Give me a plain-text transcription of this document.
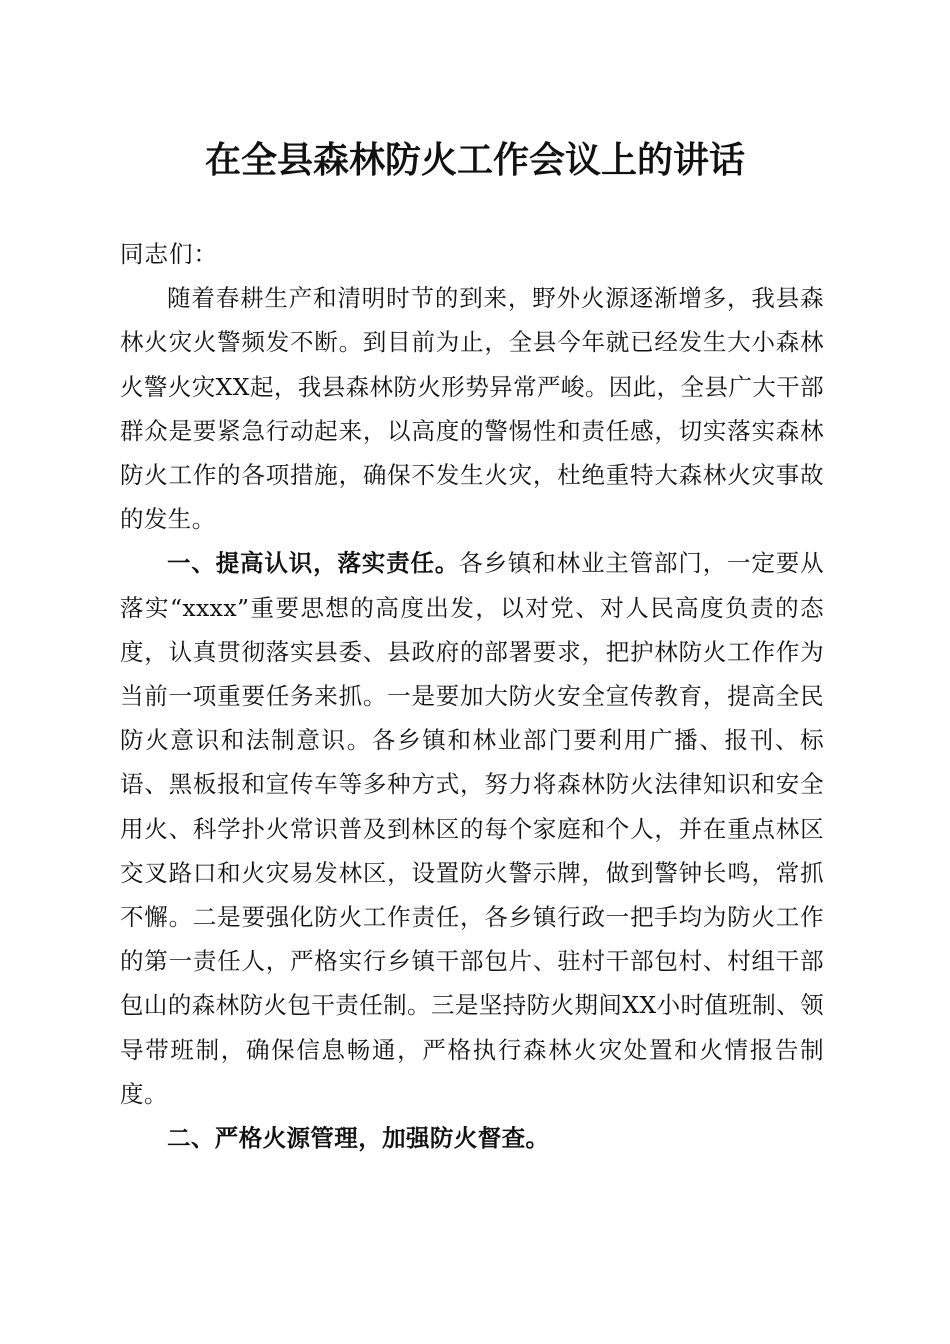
在全县森林防火工作会议上的讲话

同志们：

随着春耕生产和清明时节的到来，野外火源逐渐增多，我县森林火灾火警频发不断。到目前为止，全县今年就已经发生大小森林火警火灾XX起，我县森林防火形势异常严峻。因此，全县广大干部群众是要紧急行动起来，以高度的警惕性和责任感，切实落实森林防火工作的各项措施，确保不发生火灾，杜绝重特大森林火灾事故的发生。

一、提高认识，落实责任。各乡镇和林业主管部门，一定要从落实“xxxx”重要思想的高度出发，以对党、对人民高度负责的态度，认真贯彻落实县委、县政府的部署要求，把护林防火工作作为当前一项重要任务来抓。一是要加大防火安全宣传教育，提高全民防火意识和法制意识。各乡镇和林业部门要利用广播、报刊、标语、黑板报和宣传车等多种方式，努力将森林防火法律知识和安全用火、科学扑火常识普及到林区的每个家庭和个人，并在重点林区交叉路口和火灾易发林区，设置防火警示牌，做到警钟长鸣，常抓不懈。二是要强化防火工作责任，各乡镇行政一把手均为防火工作的第一责任人，严格实行乡镇干部包片、驻村干部包村、村组干部包山的森林防火包干责任制。三是坚持防火期间XX小时值班制、领导带班制，确保信息畅通，严格执行森林火灾处置和火情报告制度。

二、严格火源管理，加强防火督查。
